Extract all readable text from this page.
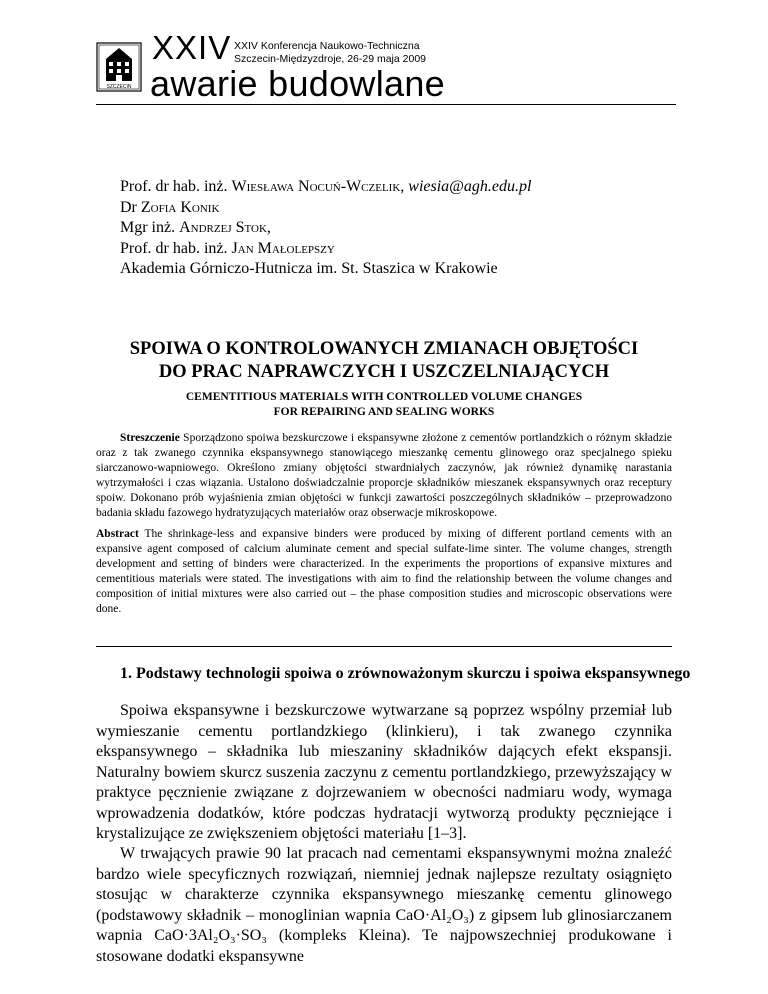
SZCZECIN
XXIV XXIV Konferencja Naukowo-Techniczna
Szczecin-Międzyzdroje, 26-29 maja 2009
awarie budowlane
Prof. dr hab. inż. Wiesława Nocuń-Wczelik, wiesia@agh.edu.pl
Dr Zofia Konik
Mgr inż. Andrzej Stok,
Prof. dr hab. inż. Jan Małolepszy
Akademia Górniczo-Hutnicza im. St. Staszica w Krakowie
SPOIWA O KONTROLOWANYCH ZMIANACH OBJĘTOŚCI
DO PRAC NAPRAWCZYCH I USZCZELNIAJĄCYCH
CEMENTITIOUS MATERIALS WITH CONTROLLED VOLUME CHANGES
FOR REPAIRING AND SEALING WORKS
Streszczenie Sporządzono spoiwa bezskurczowe i ekspansywne złożone z cementów portlandzkich o różnym składzie oraz z tak zwanego czynnika ekspansywnego stanowiącego mieszankę cementu glinowego oraz specjalnego spieku siarczanowo-wapniowego. Określono zmiany objętości stwardniałych zaczynów, jak również dynamikę narastania wytrzymałości i czas wiązania. Ustalono doświadczalnie proporcje składników mieszanek ekspansywnych oraz receptury spoiw. Dokonano prób wyjaśnienia zmian objętości w funkcji zawartości poszczególnych składników – przeprowadzono badania składu fazowego hydratyzujących materiałów oraz obserwacje mikroskopowe.
Abstract The shrinkage-less and expansive binders were produced by mixing of different portland cements with an expansive agent composed of calcium aluminate cement and special sulfate-lime sinter. The volume changes, strength development and setting of binders were characterized. In the experiments the proportions of expansive mixtures and cementitious materials were stated. The investigations with aim to find the relationship between the volume changes and composition of initial mixtures were also carried out – the phase composition studies and microscopic observations were done.
1. Podstawy technologii spoiwa o zrównoważonym skurczu i spoiwa ekspansywnego
Spoiwa ekspansywne i bezskurczowe wytwarzane są poprzez wspólny przemiał lub wymieszanie cementu portlandzkiego (klinkieru), i tak zwanego czynnika ekspansywnego – składnika lub mieszaniny składników dających efekt ekspansji. Naturalny bowiem skurcz suszenia zaczynu z cementu portlandzkiego, przewyższający w praktyce pęcznienie związane z dojrzewaniem w obecności nadmiaru wody, wymaga wprowadzenia dodatków, które podczas hydratacji wytworzą produkty pęczniejące i krystalizujące ze zwiększeniem objętości materiału [1–3].
W trwających prawie 90 lat pracach nad cementami ekspansywnymi można znaleźć bardzo wiele specyficznych rozwiązań, niemniej jednak najlepsze rezultaty osiągnięto stosując w charakterze czynnika ekspansywnego mieszankę cementu glinowego (podstawowy składnik – monoglinian wapnia CaO·Al₂O₃) z gipsem lub glinosiarczanem wapnia CaO·3Al₂O₃·SO₃ (kompleks Kleina). Te najpowszechniej produkowane i stosowane dodatki ekspansywne
